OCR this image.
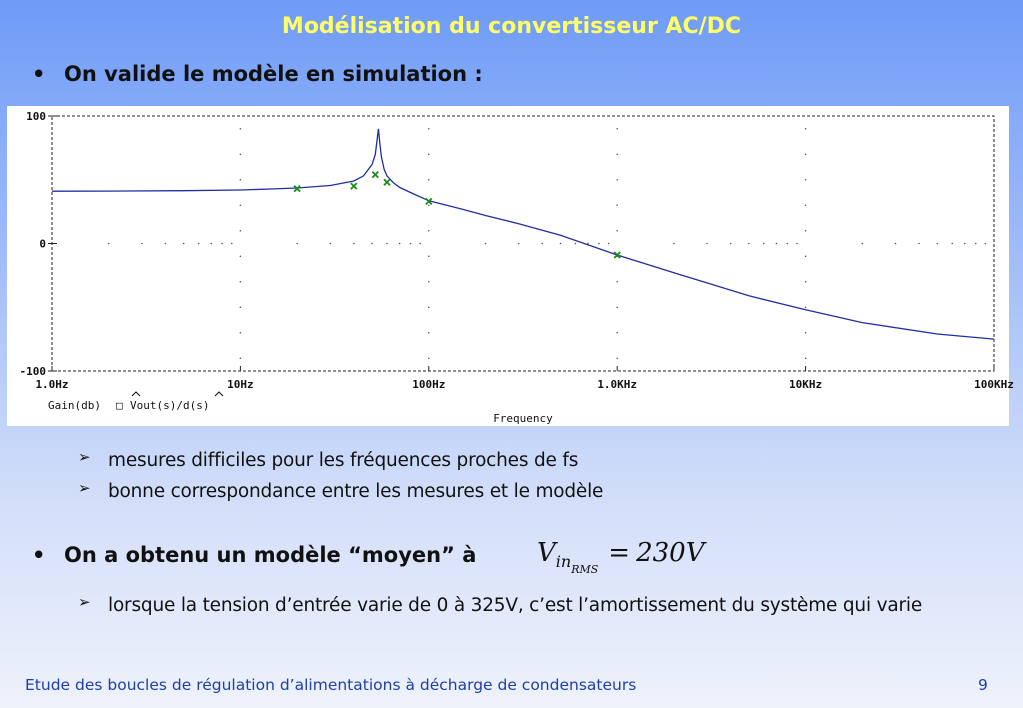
Modélisation du convertisseur AC/DC
• On valide le modèle en simulation :
1.0Hz	10Hz	100Hz	1.0KHz	10KHz	100KHz
-100
0
100
Frequency
Gain(db) □ Vout(s)/d(s)
➢ mesures difficiles pour les fréquences proches de fs
➢ bonne correspondance entre les mesures et le modèle
• On a obtenu un modèle “moyen” à $V_{inRMS}= 230V$
➢ lorsque la tension d’entrée varie de 0 à 325V, c’est l’amortissement du système qui varie
Etude des boucles de régulation d’alimentations à décharge de condensateurs	9
